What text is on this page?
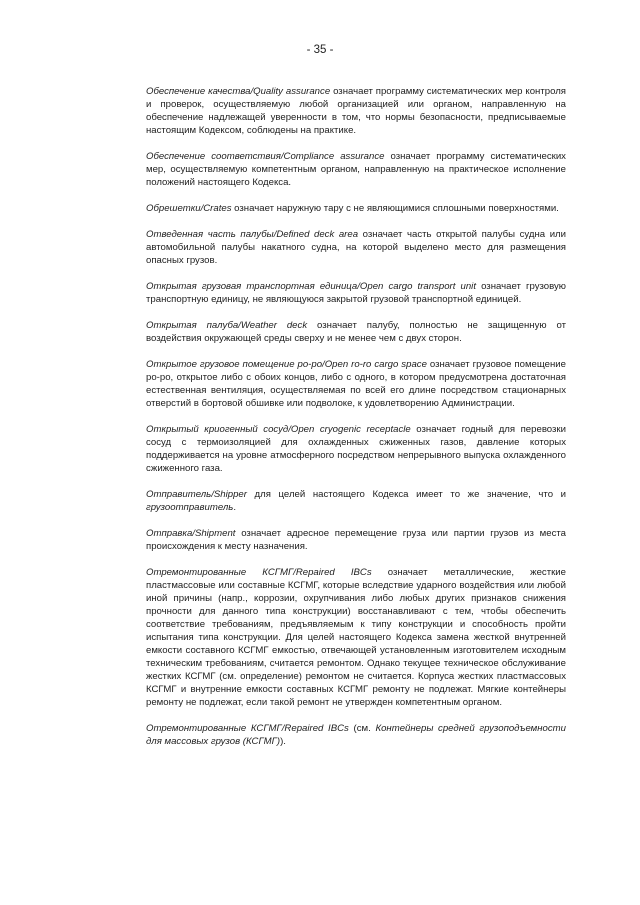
- 35 -

Обеспечение качества/Quality assurance означает программу систематических мер контроля и проверок, осуществляемую любой организацией или органом, направленную на обеспечение надлежащей уверенности в том, что нормы безопасности, предписываемые настоящим Кодексом, соблюдены на практике.

Обеспечение соответствия/Compliance assurance означает программу систематических мер, осуществляемую компетентным органом, направленную на практическое исполнение положений настоящего Кодекса.

Обрешетки/Crates означает наружную тару с не являющимися сплошными поверхностями.

Отведенная часть палубы/Defined deck area означает часть открытой палубы судна или автомобильной палубы накатного судна, на которой выделено место для размещения опасных грузов.

Открытая грузовая транспортная единица/Open cargo transport unit означает грузовую транспортную единицу, не являющуюся закрытой грузовой транспортной единицей.

Открытая палуба/Weather deck означает палубу, полностью не защищенную от воздействия окружающей среды сверху и не менее чем с двух сторон.

Открытое грузовое помещение ро-ро/Open ro-ro cargo space означает грузовое помещение ро-ро, открытое либо с обоих концов, либо с одного, в котором предусмотрена достаточная естественная вентиляция, осуществляемая по всей его длине посредством стационарных отверстий в бортовой обшивке или подволоке, к удовлетворению Администрации.

Открытый криогенный сосуд/Open cryogenic receptacle означает годный для перевозки сосуд с термоизоляцией для охлажденных сжиженных газов, давление которых поддерживается на уровне атмосферного посредством непрерывного выпуска охлажденного сжиженного газа.

Отправитель/Shipper для целей настоящего Кодекса имеет то же значение, что и грузоотправитель.

Отправка/Shipment означает адресное перемещение груза или партии грузов из места происхождения к месту назначения.

Отремонтированные КСГМГ/Repaired IBCs означает металлические, жесткие пластмассовые или составные КСГМГ, которые вследствие ударного воздействия или любой иной причины (напр., коррозии, охрупчивания либо любых других признаков снижения прочности для данного типа конструкции) восстанавливают с тем, чтобы обеспечить соответствие требованиям, предъявляемым к типу конструкции и способность пройти испытания типа конструкции. Для целей настоящего Кодекса замена жесткой внутренней емкости составного КСГМГ емкостью, отвечающей установленным изготовителем исходным техническим требованиям, считается ремонтом. Однако текущее техническое обслуживание жестких КСГМГ (см. определение) ремонтом не считается. Корпуса жестких пластмассовых КСГМГ и внутренние емкости составных КСГМГ ремонту не подлежат. Мягкие контейнеры ремонту не подлежат, если такой ремонт не утвержден компетентным органом.

Отремонтированные КСГМГ/Repaired IBCs (см. Контейнеры средней грузоподъемности для массовых грузов (КСГМГ)).
